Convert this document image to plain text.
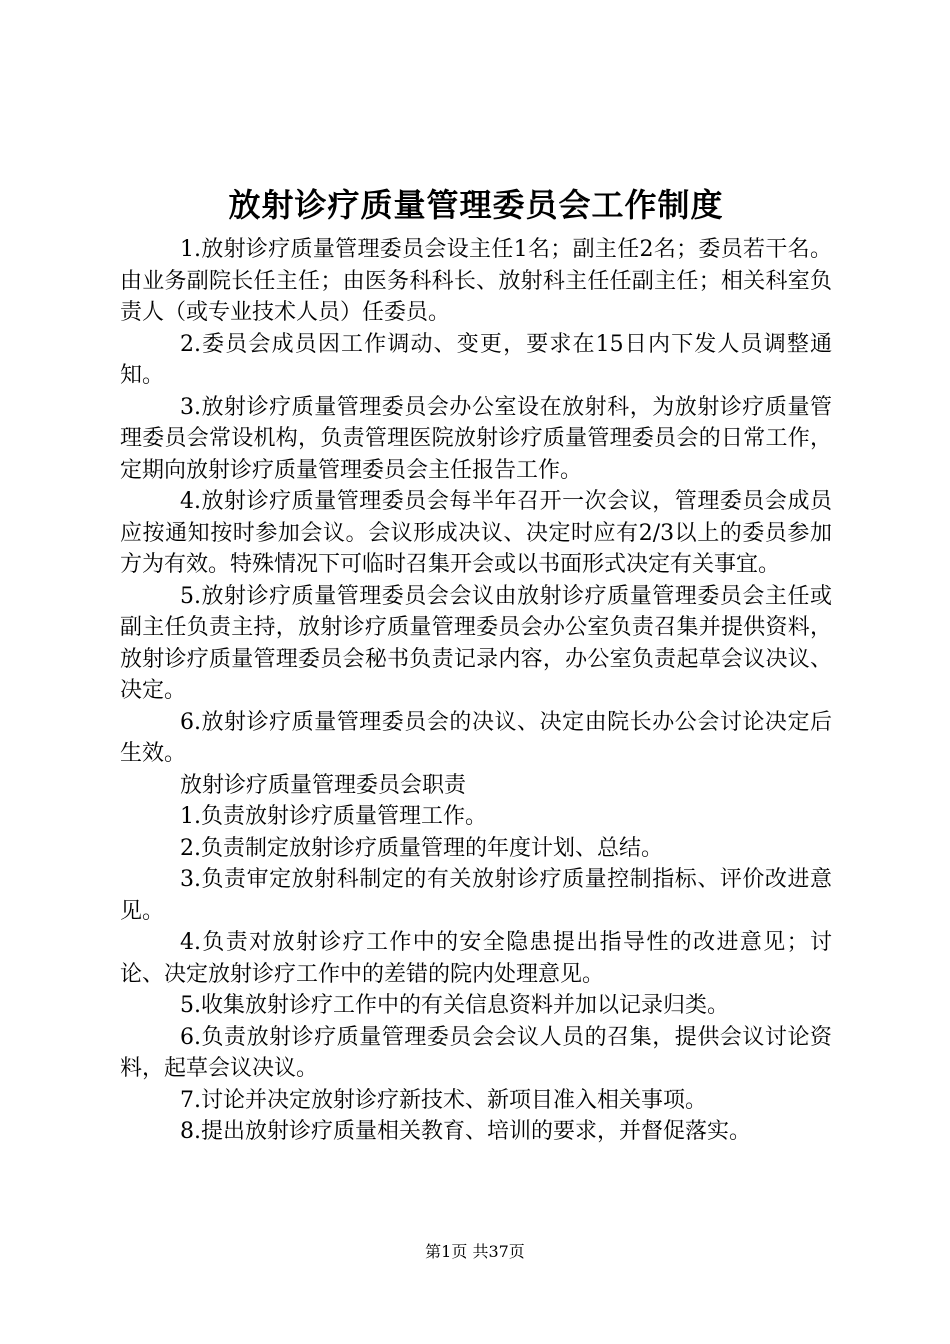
放射诊疗质量管理委员会工作制度

1.放射诊疗质量管理委员会设主任1名；副主任2名；委员若干名。由业务副院长任主任；由医务科科长、放射科主任任副主任；相关科室负责人（或专业技术人员）任委员。

2.委员会成员因工作调动、变更，要求在15日内下发人员调整通知。

3.放射诊疗质量管理委员会办公室设在放射科，为放射诊疗质量管理委员会常设机构，负责管理医院放射诊疗质量管理委员会的日常工作，定期向放射诊疗质量管理委员会主任报告工作。

4.放射诊疗质量管理委员会每半年召开一次会议，管理委员会成员应按通知按时参加会议。会议形成决议、决定时应有2/3以上的委员参加方为有效。特殊情况下可临时召集开会或以书面形式决定有关事宜。

5.放射诊疗质量管理委员会会议由放射诊疗质量管理委员会主任或副主任负责主持，放射诊疗质量管理委员会办公室负责召集并提供资料，放射诊疗质量管理委员会秘书负责记录内容，办公室负责起草会议决议、决定。

6.放射诊疗质量管理委员会的决议、决定由院长办公会讨论决定后生效。

放射诊疗质量管理委员会职责

1.负责放射诊疗质量管理工作。

2.负责制定放射诊疗质量管理的年度计划、总结。

3.负责审定放射科制定的有关放射诊疗质量控制指标、评价改进意见。

4.负责对放射诊疗工作中的安全隐患提出指导性的改进意见；讨论、决定放射诊疗工作中的差错的院内处理意见。

5.收集放射诊疗工作中的有关信息资料并加以记录归类。

6.负责放射诊疗质量管理委员会会议人员的召集，提供会议讨论资料，起草会议决议。

7.讨论并决定放射诊疗新技术、新项目准入相关事项。

8.提出放射诊疗质量相关教育、培训的要求，并督促落实。

第1页 共37页
